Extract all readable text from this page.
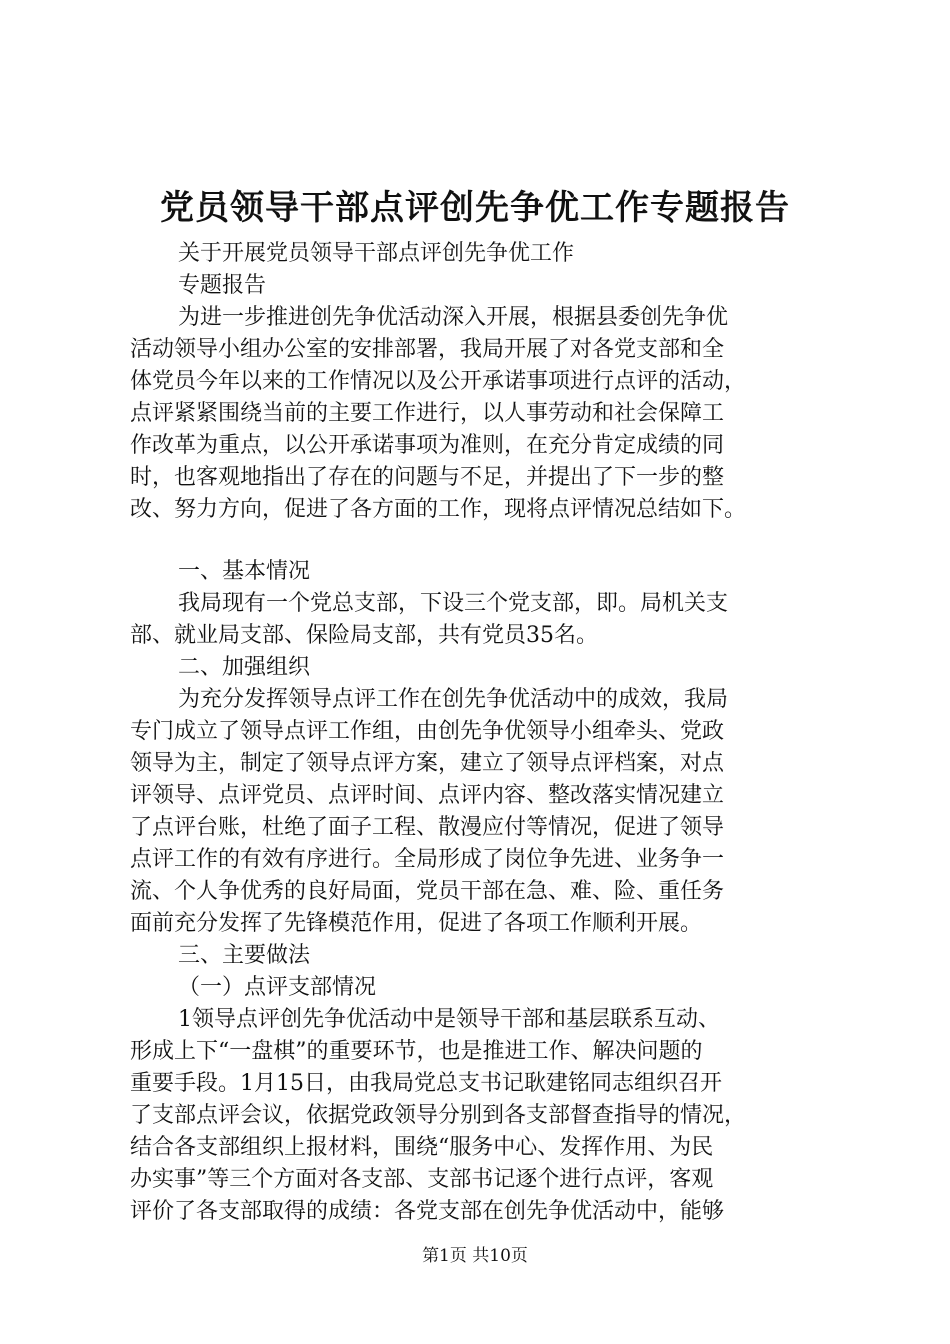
党员领导干部点评创先争优工作专题报告
关于开展党员领导干部点评创先争优工作
专题报告
为进一步推进创先争优活动深入开展，根据县委创先争优
活动领导小组办公室的安排部署，我局开展了对各党支部和全
体党员今年以来的工作情况以及公开承诺事项进行点评的活动，
点评紧紧围绕当前的主要工作进行，以人事劳动和社会保障工
作改革为重点，以公开承诺事项为准则，在充分肯定成绩的同
时，也客观地指出了存在的问题与不足，并提出了下一步的整
改、努力方向，促进了各方面的工作，现将点评情况总结如下。
一、基本情况
我局现有一个党总支部，下设三个党支部，即。局机关支
部、就业局支部、保险局支部，共有党员35名。
二、加强组织
为充分发挥领导点评工作在创先争优活动中的成效，我局
专门成立了领导点评工作组，由创先争优领导小组牵头、党政
领导为主，制定了领导点评方案，建立了领导点评档案，对点
评领导、点评党员、点评时间、点评内容、整改落实情况建立
了点评台账，杜绝了面子工程、散漫应付等情况，促进了领导
点评工作的有效有序进行。全局形成了岗位争先进、业务争一
流、个人争优秀的良好局面，党员干部在急、难、险、重任务
面前充分发挥了先锋模范作用，促进了各项工作顺利开展。
三、主要做法
（一）点评支部情况
1领导点评创先争优活动中是领导干部和基层联系互动、
形成上下“一盘棋”的重要环节，也是推进工作、解决问题的
重要手段。1月15日，由我局党总支书记耿建铭同志组织召开
了支部点评会议，依据党政领导分别到各支部督查指导的情况，
结合各支部组织上报材料，围绕“服务中心、发挥作用、为民
办实事”等三个方面对各支部、支部书记逐个进行点评，客观
评价了各支部取得的成绩：各党支部在创先争优活动中，能够
第1页 共10页
